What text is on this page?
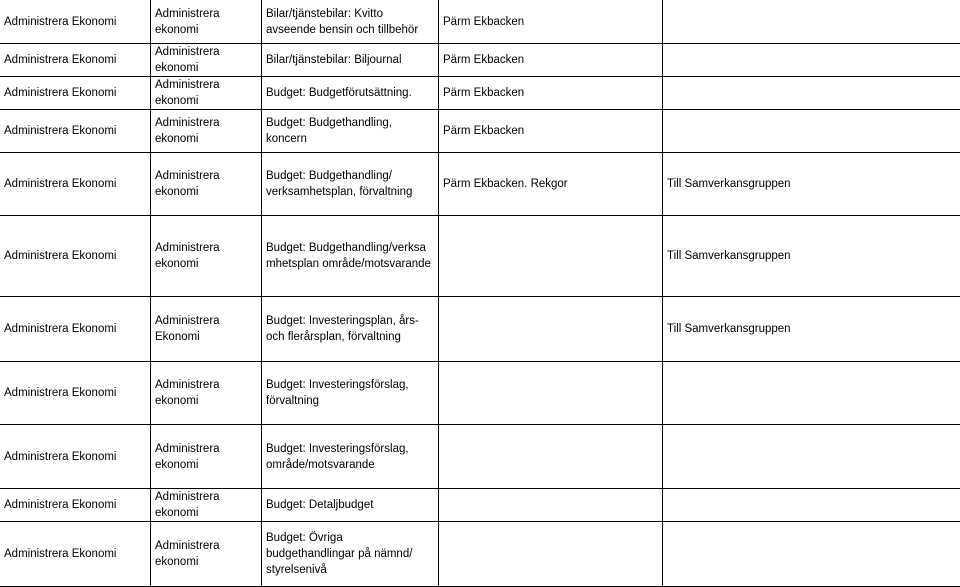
Administrera Ekonomi	Administrera ekonomi	Bilar/tjänstebilar: Kvitto avseende bensin och tillbehör	Pärm Ekbacken	
Administrera Ekonomi	Administrera ekonomi	Bilar/tjänstebilar: Biljournal	Pärm Ekbacken	
Administrera Ekonomi	Administrera ekonomi	Budget: Budgetförutsättning.	Pärm Ekbacken	
Administrera Ekonomi	Administrera ekonomi	Budget: Budgethandling, koncern	Pärm Ekbacken	
Administrera Ekonomi	Administrera ekonomi	Budget: Budgethandling/ verksamhetsplan, förvaltning	Pärm Ekbacken. Rekgor	Till Samverkansgruppen
Administrera Ekonomi	Administrera ekonomi	Budget: Budgethandling/verksamhetsplan område/motsvarande		Till Samverkansgruppen
Administrera Ekonomi	Administrera Ekonomi	Budget: Investeringsplan, års- och flerårsplan, förvaltning		Till Samverkansgruppen
Administrera Ekonomi	Administrera ekonomi	Budget: Investeringsförslag, förvaltning		
Administrera Ekonomi	Administrera ekonomi	Budget: Investeringsförslag, område/motsvarande		
Administrera Ekonomi	Administrera ekonomi	Budget: Detaljbudget		
Administrera Ekonomi	Administrera ekonomi	Budget: Övriga budgethandlingar på nämnd/ styrelsenivå		
